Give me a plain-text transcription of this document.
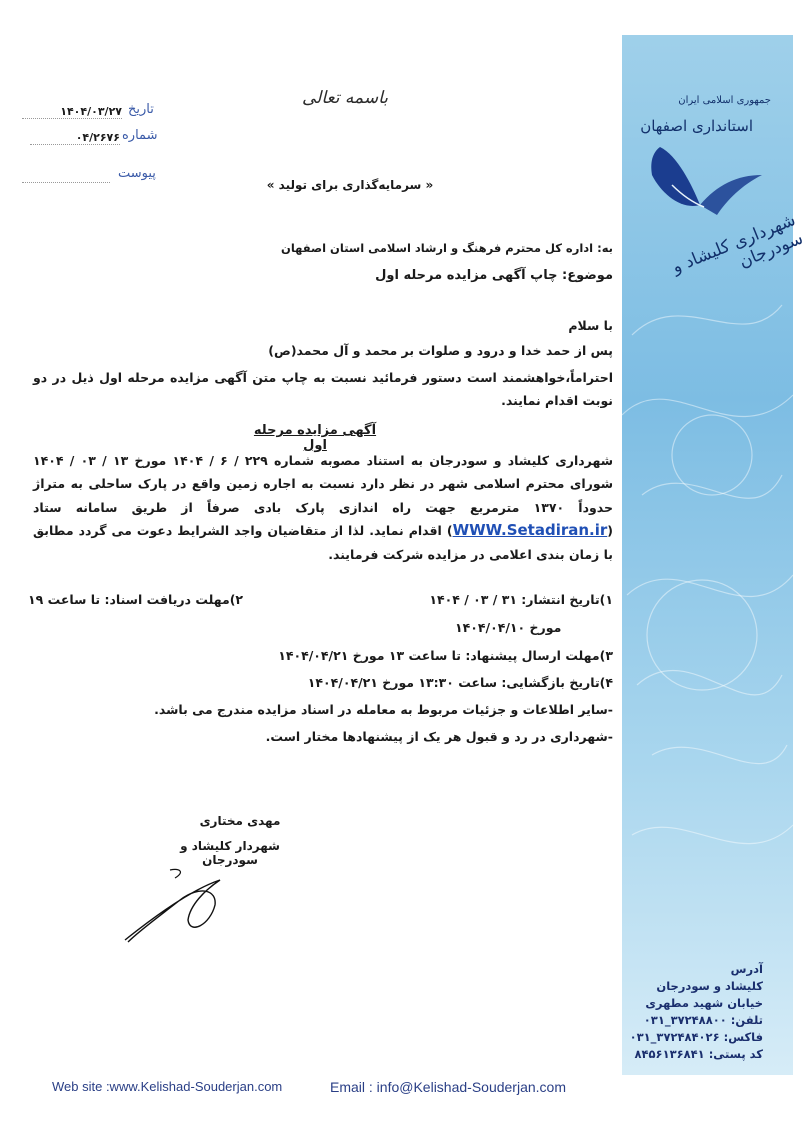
جمهوری اسلامی ایران
استانداری اصفهان
شهرداری کلیشاد و سودرجان
تاریخ
۱۴۰۴/۰۳/۲۷
شماره
۰۴/۲۶۷۶
پیوست
باسمه تعالی
« سرمایه‌گذاری برای تولید »
به: اداره کل محترم فرهنگ و ارشاد اسلامی استان اصفهان
موضوع: چاپ آگهی مزایده مرحله اول
با سلام
پس از حمد خدا و درود و صلوات بر محمد و آل محمد(ص)
احتراماً،خواهشمند است دستور فرمائید نسبت به چاپ متن آگهی مزایده مرحله اول ذیل در دو نوبت اقدام نمایند.
آگهی مزایده مرحله اول
شهرداری کلیشاد و سودرجان به استناد مصوبه شماره ۲۲۹ / ۶ / ۱۴۰۴ مورخ ۱۳ / ۰۳ / ۱۴۰۴ شورای محترم اسلامی شهر در نظر دارد نسبت به اجاره زمین واقع در پارک ساحلی به متراژ حدوداً ۱۳۷۰ مترمربع جهت راه اندازی پارک بادی صرفاً از طریق سامانه ستاد (WWW.Setadiran.ir) اقدام نماید. لذا از متقاضیان واجد الشرایط دعوت می گردد مطابق با زمان بندی اعلامی در مزایده شرکت فرمایند.
۱)تاریخ انتشار: ۳۱ / ۰۳ / ۱۴۰۴
۲)مهلت دریافت اسناد: تا ساعت ۱۹
مورخ ۱۴۰۴/۰۴/۱۰
۳)مهلت ارسال پیشنهاد: تا ساعت ۱۳ مورخ ۱۴۰۴/۰۴/۲۱
۴)تاریخ بازگشایی: ساعت ۱۳:۳۰ مورخ ۱۴۰۴/۰۴/۲۱
-سایر اطلاعات و جزئیات مربوط به معامله در اسناد مزایده مندرج می باشد.
-شهرداری در رد و قبول هر یک از پیشنهادها مختار است.
مهدی مختاری
شهردار کلیشاد و سودرجان
آدرس
کلیشاد و سودرجان
خیابان شهید مطهری
تلفن: ۳۷۲۴۸۸۰۰_۰۳۱
فاکس: ۳۷۲۴۸۴۰۲۶_۰۳۱
کد پستی: ۸۴۵۶۱۳۶۸۴۱
Web site :www.Kelishad-Souderjan.com	Email : info@Kelishad-Souderjan.com
